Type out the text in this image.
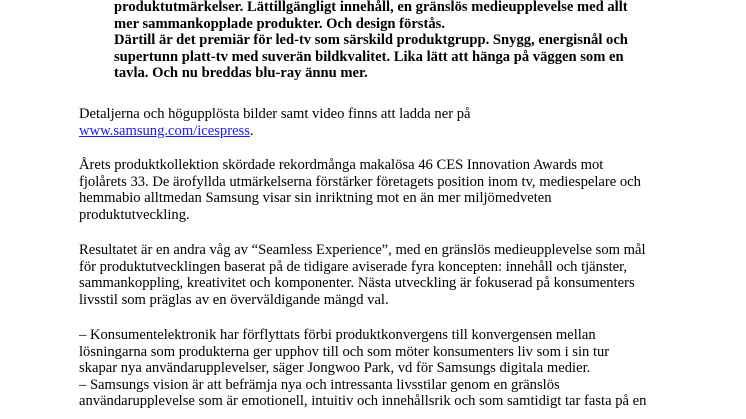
produktutmärkelser. Lättillgängligt innehåll, en gränslös medieupplevelse med allt
mer sammankopplade produkter. Och design förstås.
Därtill är det premiär för led-tv som särskild produktgrupp. Snygg, energisnål och
supertunn platt-tv med suverän bildkvalitet. Lika lätt att hänga på väggen som en
tavla. Och nu breddas blu-ray ännu mer.
Detaljerna och högupplösta bilder samt video finns att ladda ner på
www.samsung.com/icespress.
Årets produktkollektion skördade rekordmånga makalösa 46 CES Innovation Awards mot
fjolårets 33. De ärofyllda utmärkelserna förstärker företagets position inom tv, mediespelare och
hemmabio alltmedan Samsung visar sin inriktning mot en än mer miljömedveten
produktutveckling.
Resultatet är en andra våg av “Seamless Experience”, med en gränslös medieupplevelse som mål
för produktutvecklingen baserat på de tidigare aviserade fyra koncepten: innehåll och tjänster,
sammankoppling, kreativitet och komponenter. Nästa utveckling är fokuserad på konsumenters
livsstil som präglas av en överväldigande mängd val.
– Konsumentelektronik har förflyttats förbi produktkonvergens till konvergensen mellan
lösningarna som produkterna ger upphov till och som möter konsumenters liv som i sin tur
skapar nya användarupplevelser, säger Jongwoo Park, vd för Samsungs digitala medier.
– Samsungs vision är att befrämja nya och intressanta livsstilar genom en gränslös
användarupplevelse som är emotionell, intuitiv och innehållsrik och som samtidigt tar fasta på en
